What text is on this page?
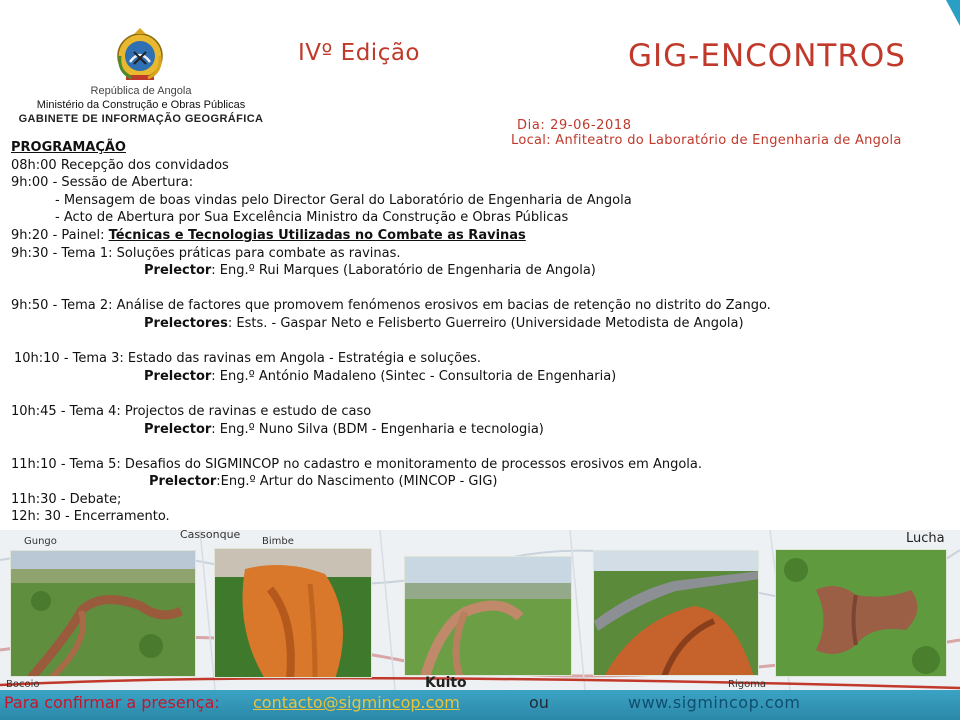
República de Angola
Ministério da Construção e Obras Públicas
GABINETE DE INFORMAÇÃO GEOGRÁFICA
IVº Edição	GIG-ENCONTROS
Dia: 29-06-2018
Local: Anfiteatro do Laboratório de Engenharia de Angola
PROGRAMAÇÃO
08h:00 Recepção dos convidados
9h:00 - Sessão de Abertura:
- Mensagem de boas vindas pelo Director Geral do Laboratório de Engenharia de Angola
- Acto de Abertura por Sua Excelência Ministro da Construção e Obras Públicas
9h:20 - Painel: Técnicas e Tecnologias Utilizadas no Combate as Ravinas
9h:30 - Tema 1: Soluções práticas para combate as ravinas.
Prelector: Eng.º Rui Marques (Laboratório de Engenharia de Angola)
9h:50 - Tema 2: Análise de factores que promovem fenómenos erosivos em bacias de retenção no distrito do Zango.
Prelectores: Ests. - Gaspar Neto e Felisberto Guerreiro (Universidade Metodista de Angola)
10h:10 - Tema 3: Estado das ravinas em Angola - Estratégia e soluções.
Prelector: Eng.º António Madaleno (Sintec - Consultoria de Engenharia)
10h:45 - Tema 4: Projectos de ravinas e estudo de caso
Prelector: Eng.º Nuno Silva (BDM - Engenharia e tecnologia)
11h:10 - Tema 5: Desafios do SIGMINCOP no cadastro e monitoramento de processos erosivos em Angola.
Prelector:Eng.º Artur do Nascimento (MINCOP - GIG)
11h:30 - Debate;
12h: 30 - Encerramento.
Gungo
Cassonque
Bimbe
Bocoio	Kuito	Rigoma
Lucha
Para confirmar a presença: contacto@sigmincop.com	ou	www.sigmincop.com
